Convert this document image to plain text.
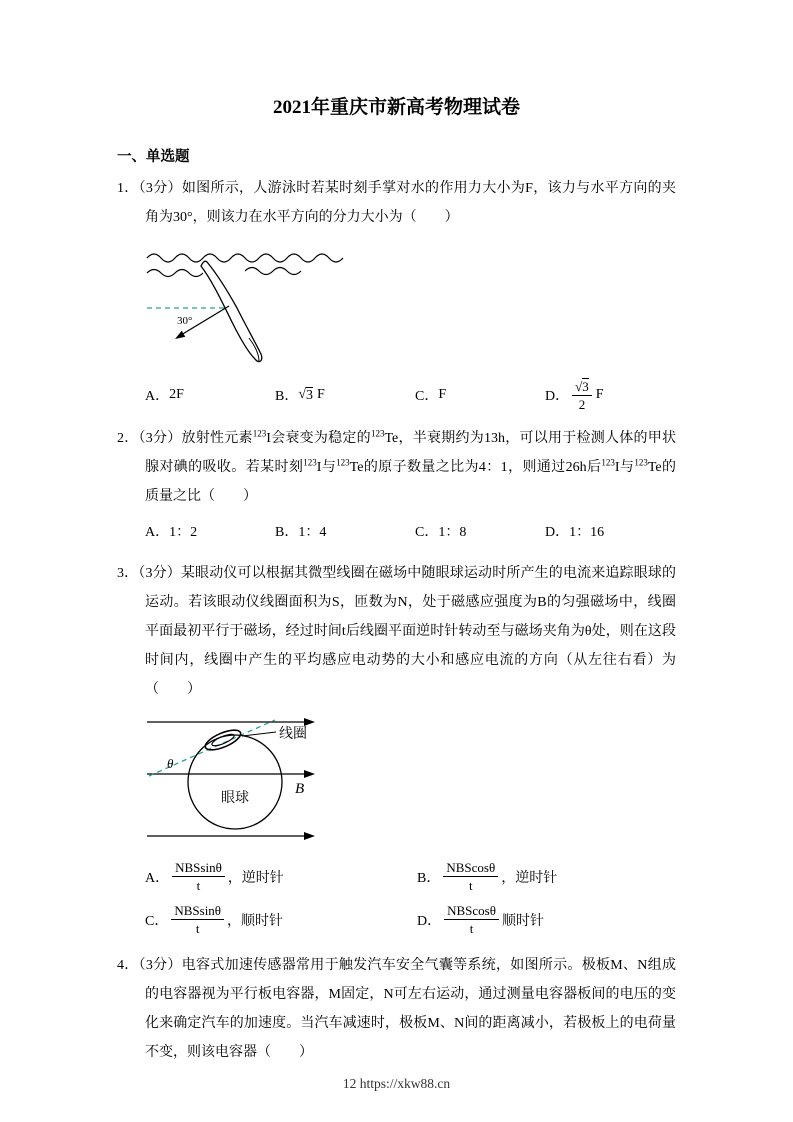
2021年重庆市新高考物理试卷
一、单选题

1．（3分）如图所示，人游泳时若某时刻手掌对水的作用力大小为F，该力与水平方向的夹角为30°，则该力在水平方向的分力大小为（　　）

30°
A． 2F	B． √ 3 F	C． F	D． $\frac{√ 3}{2}$ F

2．（3分）放射性元素$^{123}$I会衰变为稳定的$^{123}$Te，半衰期约为13h，可以用于检测人体的甲状腺对碘的吸收。若某时刻$^{123}$I与$^{123}$Te的原子数量之比为4：1，则通过26h后$^{123}$I与$^{123}$Te的质量之比（　　）

A． 1：2	B． 1：4	C． 1：8	D． 1：16

3．（3分）某眼动仪可以根据其微型线圈在磁场中随眼球运动时所产生的电流来追踪眼球的运动。若该眼动仪线圈面积为S，匝数为N，处于磁感应强度为B的匀强磁场中，线圈平面最初平行于磁场，经过时间t后线圈平面逆时针转动至与磁场夹角为θ处，则在这段时间内，线圈中产生的平均感应电动势的大小和感应电流的方向（从左往右看）为（　　）

线圈
眼球
B
θ
A． $\frac{\text{NBSsinθ}}{t}$ ，逆时针	B． $\frac{\text{NBScosθ}}{t}$ ，逆时针
C． $\frac{\text{NBSsinθ}}{t}$ ，顺时针	D． $\frac{\text{NBScosθ}}{t}$ 顺时针

4．（3分）电容式加速传感器常用于触发汽车安全气囊等系统，如图所示。极板M、N组成的电容器视为平行板电容器，M固定，N可左右运动，通过测量电容器板间的电压的变化来确定汽车的加速度。当汽车减速时，极板M、N间的距离减小，若极板上的电荷量不变，则该电容器（　　）

12 https://xkw88.cn
